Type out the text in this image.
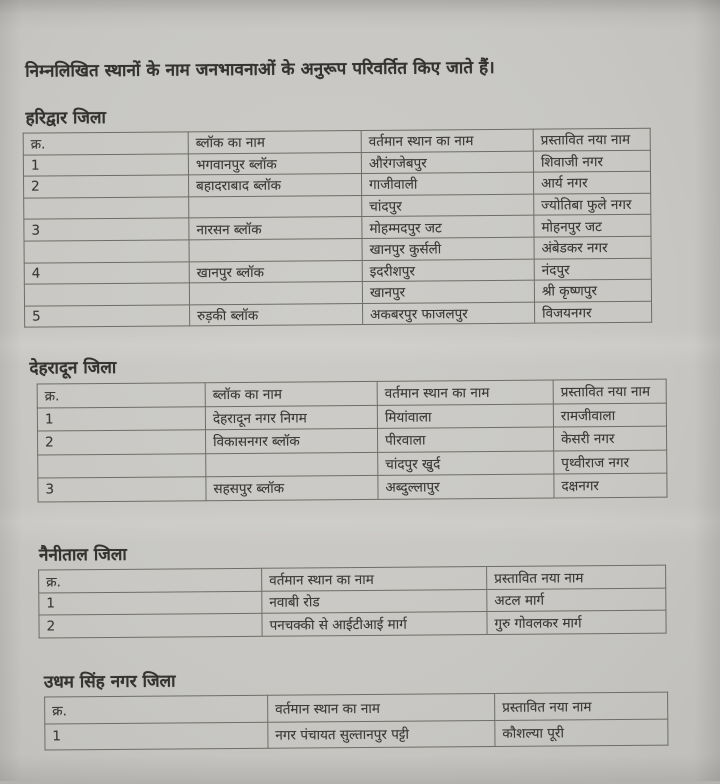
निम्नलिखित स्थानों के नाम जनभावनाओं के अनुरूप परिवर्तित किए जाते हैं।

हरिद्वार जिला
क्र.	ब्लॉक का नाम	वर्तमान स्थान का नाम	प्रस्तावित नया नाम
1	भगवानपुर ब्लॉक	औरंगजेबपुर	शिवाजी नगर
2	बहादराबाद ब्लॉक	गाजीवाली	आर्य नगर
		चांदपुर	ज्योतिबा फुले नगर
3	नारसन ब्लॉक	मोहम्मदपुर जट	मोहनपुर जट
		खानपुर कुर्सली	अंबेडकर नगर
4	खानपुर ब्लॉक	इदरीशपुर	नंदपुर
		खानपुर	श्री कृष्णपुर
5	रुड़की ब्लॉक	अकबरपुर फाजलपुर	विजयनगर
देहरादून जिला
क्र.	ब्लॉक का नाम	वर्तमान स्थान का नाम	प्रस्तावित नया नाम
1	देहरादून नगर निगम	मियांवाला	रामजीवाला
2	विकासनगर ब्लॉक	पीरवाला	केसरी नगर
		चांदपुर खुर्द	पृथ्वीराज नगर
3	सहसपुर ब्लॉक	अब्दुल्लापुर	दक्षनगर
नैनीताल जिला
क्र.	वर्तमान स्थान का नाम	प्रस्तावित नया नाम
1	नवाबी रोड	अटल मार्ग
2	पनचक्की से आईटीआई मार्ग	गुरु गोवलकर मार्ग
उधम सिंह नगर जिला
क्र.	वर्तमान स्थान का नाम	प्रस्तावित नया नाम
1	नगर पंचायत सुल्तानपुर पट्टी	कौशल्या पूरी
